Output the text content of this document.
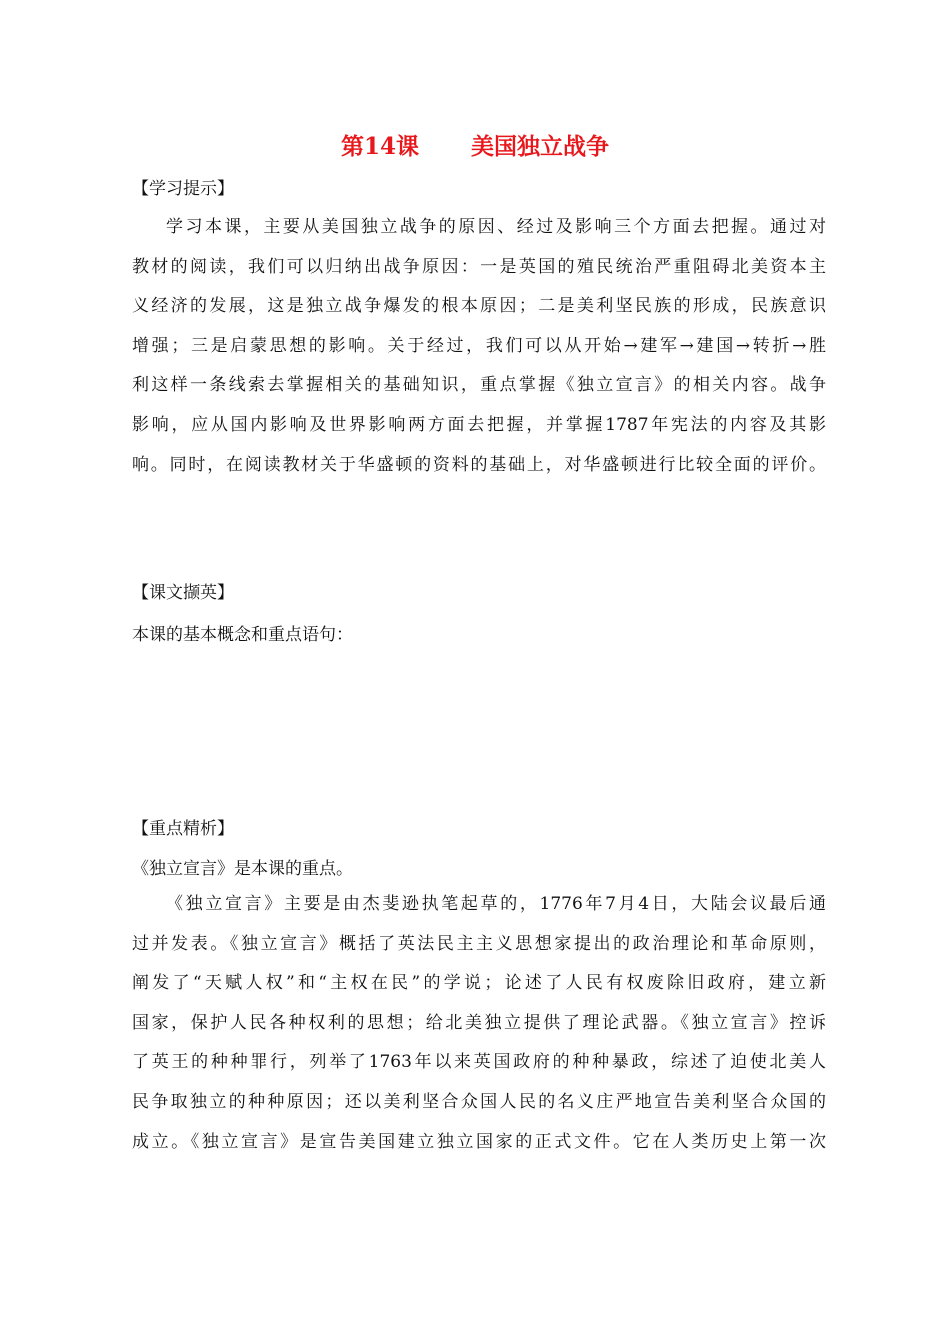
第14课 美国独立战争
【学习提示】
学习本课，主要从美国独立战争的原因、经过及影响三个方面去把握。通过对
教材的阅读，我们可以归纳出战争原因：一是英国的殖民统治严重阻碍北美资本主
义经济的发展，这是独立战争爆发的根本原因；二是美利坚民族的形成，民族意识
增强；三是启蒙思想的影响。关于经过，我们可以从开始→建军→建国→转折→胜
利这样一条线索去掌握相关的基础知识，重点掌握《独立宣言》的相关内容。战争
影响，应从国内影响及世界影响两方面去把握，并掌握1787年宪法的内容及其影
响。同时，在阅读教材关于华盛顿的资料的基础上，对华盛顿进行比较全面的评价。
【课文撷英】
本课的基本概念和重点语句：
【重点精析】
《独立宣言》是本课的重点。
《独立宣言》主要是由杰斐逊执笔起草的，1776年7月4日，大陆会议最后通
过并发表。《独立宣言》概括了英法民主主义思想家提出的政治理论和革命原则，
阐发了“天赋人权”和“主权在民”的学说；论述了人民有权废除旧政府，建立新
国家，保护人民各种权利的思想；给北美独立提供了理论武器。《独立宣言》控诉
了英王的种种罪行，列举了1763年以来英国政府的种种暴政，综述了迫使北美人
民争取独立的种种原因；还以美利坚合众国人民的名义庄严地宣告美利坚合众国的
成立。《独立宣言》是宣告美国建立独立国家的正式文件。它在人类历史上第一次
